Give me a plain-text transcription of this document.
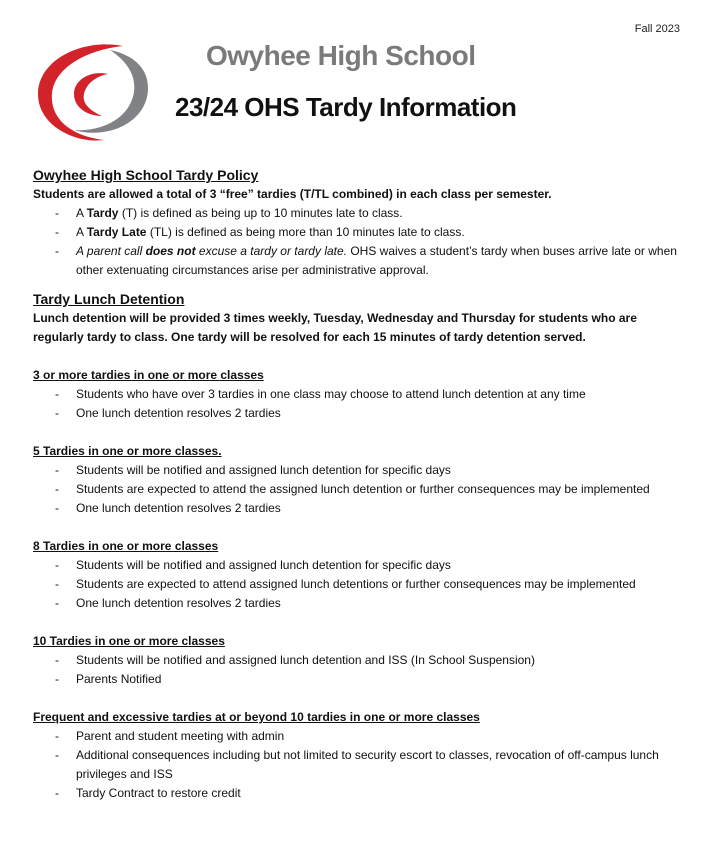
Fall 2023
Owyhee High School
23/24 OHS Tardy Information
Owyhee High School Tardy Policy
Students are allowed a total of 3 “free” tardies (T/TL combined) in each class per semester.
- A Tardy (T) is defined as being up to 10 minutes late to class.
- A Tardy Late (TL) is defined as being more than 10 minutes late to class.
- A parent call does not excuse a tardy or tardy late. OHS waives a student’s tardy when buses arrive late or when other extenuating circumstances arise per administrative approval.
Tardy Lunch Detention
Lunch detention will be provided 3 times weekly, Tuesday, Wednesday and Thursday for students who are regularly tardy to class. One tardy will be resolved for each 15 minutes of tardy detention served.
3 or more tardies in one or more classes
- Students who have over 3 tardies in one class may choose to attend lunch detention at any time
- One lunch detention resolves 2 tardies
5 Tardies in one or more classes.
- Students will be notified and assigned lunch detention for specific days
- Students are expected to attend the assigned lunch detention or further consequences may be implemented
- One lunch detention resolves 2 tardies
8 Tardies in one or more classes
- Students will be notified and assigned lunch detention for specific days
- Students are expected to attend assigned lunch detentions or further consequences may be implemented
- One lunch detention resolves 2 tardies
10 Tardies in one or more classes
- Students will be notified and assigned lunch detention and ISS (In School Suspension)
- Parents Notified
Frequent and excessive tardies at or beyond 10 tardies in one or more classes
- Parent and student meeting with admin
- Additional consequences including but not limited to security escort to classes, revocation of off-campus lunch privileges and ISS
- Tardy Contract to restore credit
